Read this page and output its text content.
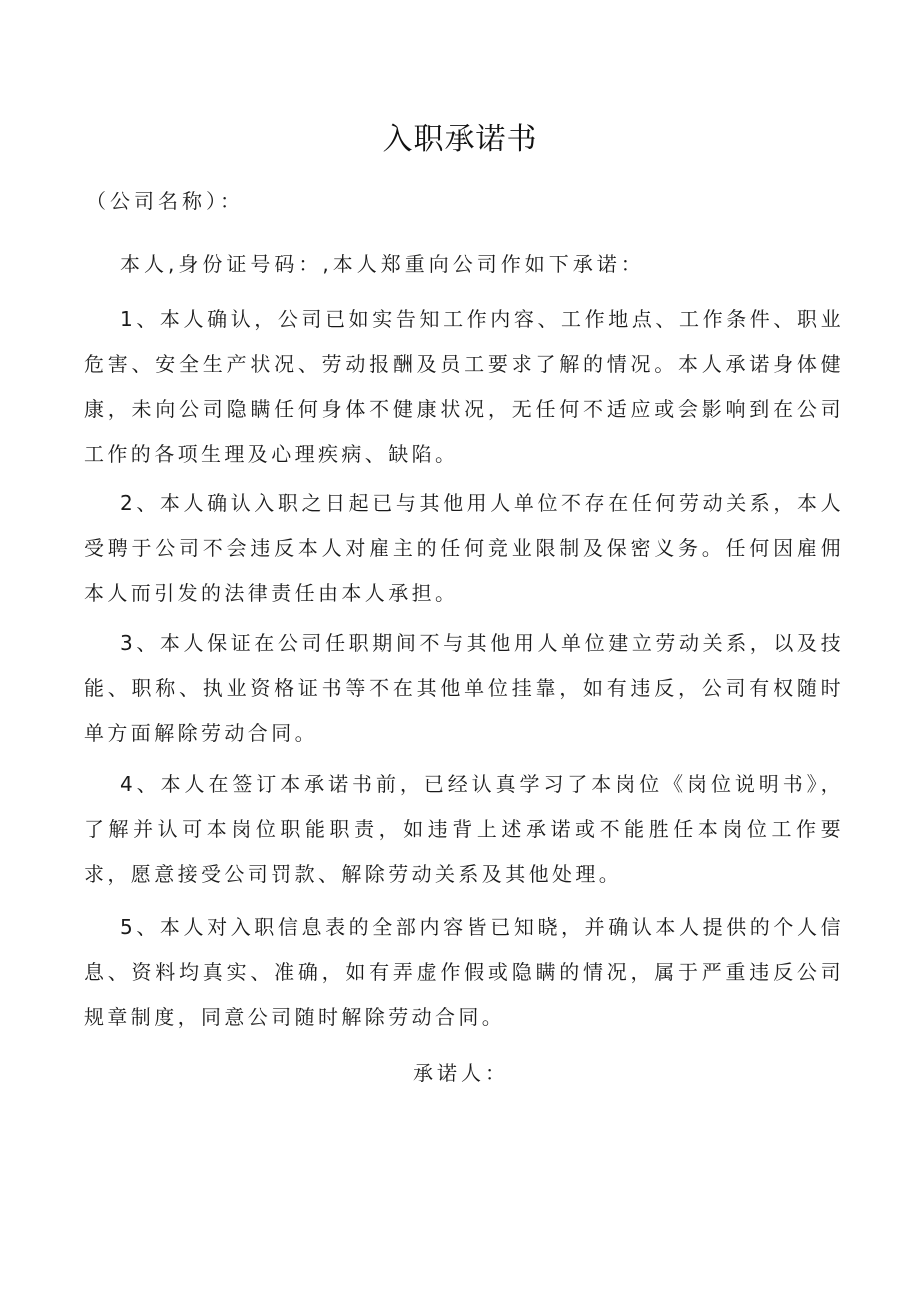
入职承诺书
（公司名称）：
本人,身份证号码：,本人郑重向公司作如下承诺：
1、本人确认，公司已如实告知工作内容、工作地点、工作条件、职业危害、安全生产状况、劳动报酬及员工要求了解的情况。本人承诺身体健康，未向公司隐瞒任何身体不健康状况，无任何不适应或会影响到在公司工作的各项生理及心理疾病、缺陷。
2、本人确认入职之日起已与其他用人单位不存在任何劳动关系，本人受聘于公司不会违反本人对雇主的任何竞业限制及保密义务。任何因雇佣本人而引发的法律责任由本人承担。
3、本人保证在公司任职期间不与其他用人单位建立劳动关系，以及技能、职称、执业资格证书等不在其他单位挂靠，如有违反，公司有权随时单方面解除劳动合同。
4、本人在签订本承诺书前，已经认真学习了本岗位《岗位说明书》，了解并认可本岗位职能职责，如违背上述承诺或不能胜任本岗位工作要求，愿意接受公司罚款、解除劳动关系及其他处理。
5、本人对入职信息表的全部内容皆已知晓，并确认本人提供的个人信息、资料均真实、准确，如有弄虚作假或隐瞒的情况，属于严重违反公司规章制度，同意公司随时解除劳动合同。
承诺人：
